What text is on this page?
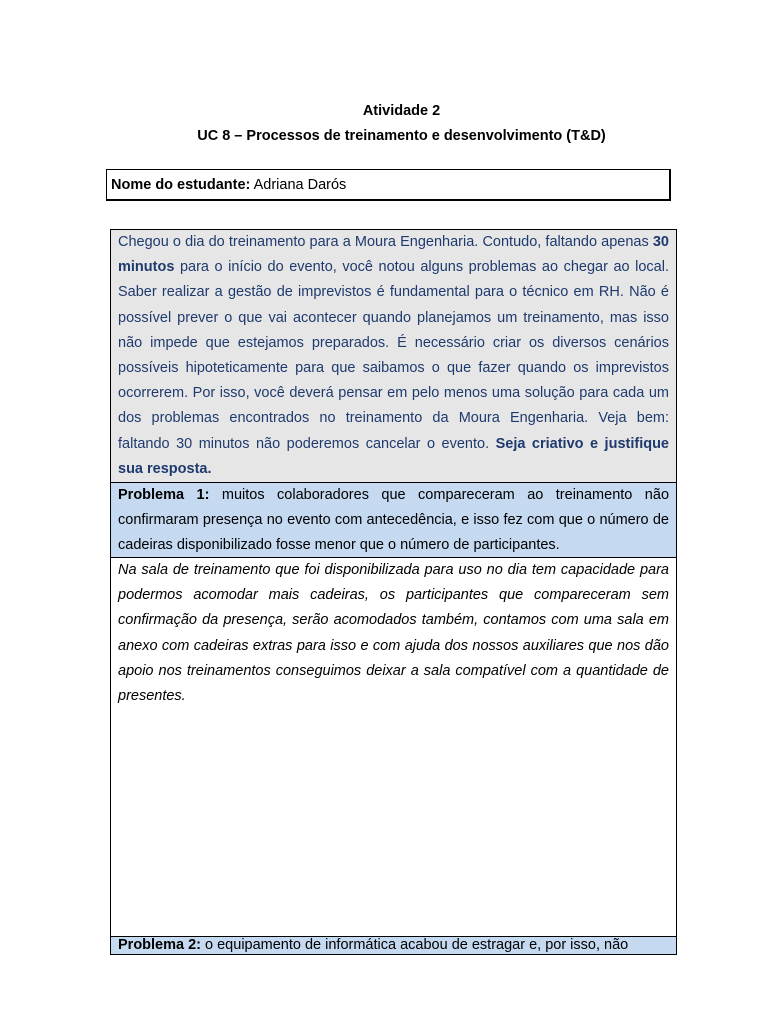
Atividade 2
UC 8 – Processos de treinamento e desenvolvimento (T&D)
Nome do estudante: Adriana Darós
Chegou o dia do treinamento para a Moura Engenharia. Contudo, faltando apenas 30 minutos para o início do evento, você notou alguns problemas ao chegar ao local. Saber realizar a gestão de imprevistos é fundamental para o técnico em RH. Não é possível prever o que vai acontecer quando planejamos um treinamento, mas isso não impede que estejamos preparados. É necessário criar os diversos cenários possíveis hipoteticamente para que saibamos o que fazer quando os imprevistos ocorrerem. Por isso, você deverá pensar em pelo menos uma solução para cada um dos problemas encontrados no treinamento da Moura Engenharia. Veja bem: faltando 30 minutos não poderemos cancelar o evento. Seja criativo e justifique sua resposta.
Problema 1: muitos colaboradores que compareceram ao treinamento não confirmaram presença no evento com antecedência, e isso fez com que o número de cadeiras disponibilizado fosse menor que o número de participantes.
Na sala de treinamento que foi disponibilizada para uso no dia tem capacidade para podermos acomodar mais cadeiras, os participantes que compareceram sem confirmação da presença, serão acomodados também, contamos com uma sala em anexo com cadeiras extras para isso e com ajuda dos nossos auxiliares que nos dão apoio nos treinamentos conseguimos deixar a sala compatível com a quantidade de presentes.
Problema 2: o equipamento de informática acabou de estragar e, por isso, não
